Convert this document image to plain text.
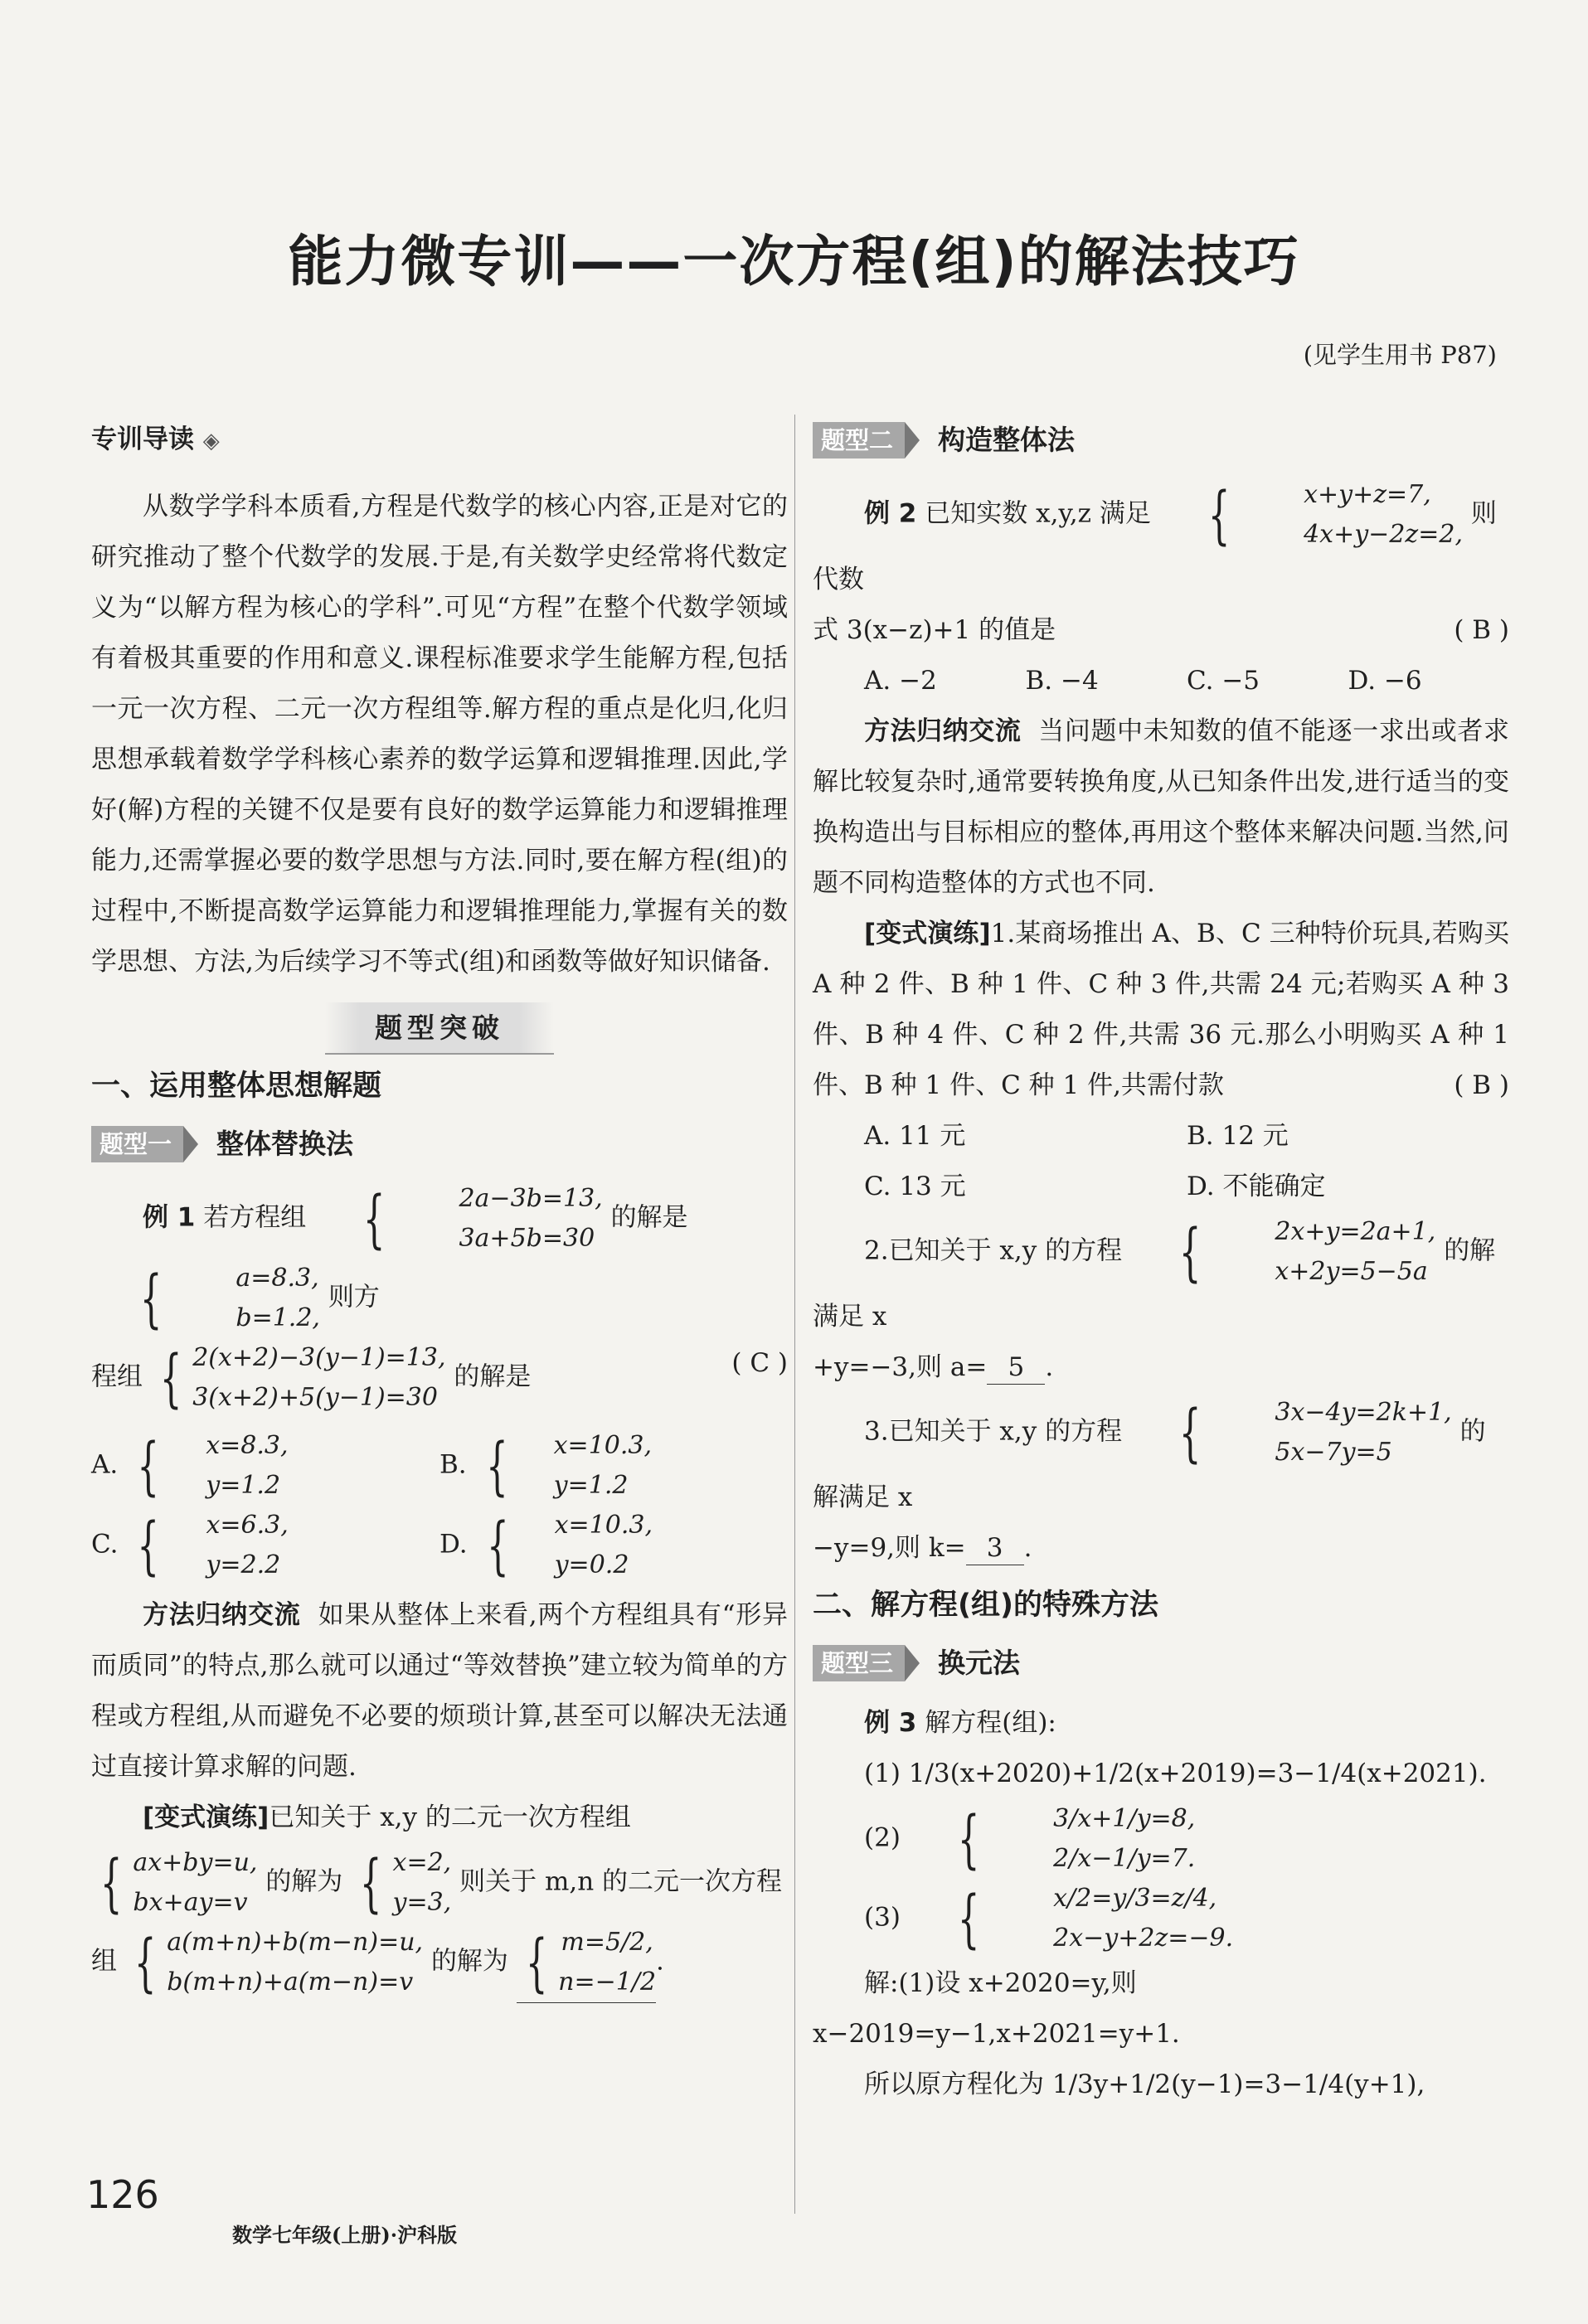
能力微专训——一次方程(组)的解法技巧
(见学生用书 P87)
专训导读 ◈

从数学学科本质看,方程是代数学的核心内容,正是对它的研究推动了整个代数学的发展.于是,有关数学史经常将代数定义为“以解方程为核心的学科”.可见“方程”在整个代数学领域有着极其重要的作用和意义.课程标准要求学生能解方程,包括一元一次方程、二元一次方程组等.解方程的重点是化归,化归思想承载着数学学科核心素养的数学运算和逻辑推理.因此,学好(解)方程的关键不仅是要有良好的数学运算能力和逻辑推理能力,还需掌握必要的数学思想与方法.同时,要在解方程(组)的过程中,不断提高数学运算能力和逻辑推理能力,掌握有关的数学思想、方法,为后续学习不等式(组)和函数等做好知识储备.

题型突破
一、运用整体思想解题
题型一	整体替换法

例 1 若方程组 {	2a−3b=13,
3a+5b=30
的解是
{	a=8.3,
b=1.2,
则方

程组 { 2(x+2)−3(y−1)=13,
3(x+2)+5(y−1)=30
的解是	( C )

A. {	x=8.3,
y=1.2
B. {	x=10.3,
y=1.2
C. {	x=6.3,
y=2.2
D. {	x=10.3,
y=0.2

方法归纳交流 如果从整体上来看,两个方程组具有“形异而质同”的特点,那么就可以通过“等效替换”建立较为简单的方程或方程组,从而避免不必要的烦琐计算,甚至可以解决无法通过直接计算求解的问题.

[变式演练]已知关于 x,y 的二元一次方程组

{ ax+by=u,
bx+ay=v
的解为 { x=2,
y=3,
则关于 m,n 的二元一次方程

组 { a(m+n)+b(m−n)=u,
b(m+n)+a(m−n)=v
的解为 { m=5/2,
n=−1/2
.

题型二	构造整体法

例 2 已知实数 x,y,z 满足 {	x+y+z=7,
4x+y−2z=2,
则代数

式 3(x−z)+1 的值是	( B )

A. −2	B. −4	C. −5	D. −6

方法归纳交流 当问题中未知数的值不能逐一求出或者求解比较复杂时,通常要转换角度,从已知条件出发,进行适当的变换构造出与目标相应的整体,再用这个整体来解决问题.当然,问题不同构造整体的方式也不同.

[变式演练]1.某商场推出 A、B、C 三种特价玩具,若购买 A 种 2 件、B 种 1 件、C 种 3 件,共需 24 元;若购买 A 种 3 件、B 种 4 件、C 种 2 件,共需 36 元.那么小明购买 A 种 1 件、B 种 1 件、C 种 1 件,共需付款	( B )

A. 11 元	B. 12 元
C. 13 元	D. 不能确定

2.已知关于 x,y 的方程 {	2x+y=2a+1,
x+2y=5−5a
的解满足 x

+y=−3,则 a= 5 .

3.已知关于 x,y 的方程 {	3x−4y=2k+1,
5x−7y=5
的解满足 x

−y=9,则 k= 3 .

二、解方程(组)的特殊方法
题型三	换元法

例 3 解方程(组):

(1) 1/3(x+2020)+1/2(x+2019)=3−1/4(x+2021).

(2) {	3/x+1/y=8,
2/x−1/y=7.

(3) {	x/2=y/3=z/4,
2x−y+2z=−9.

解:(1)设 x+2020=y,则 x−2019=y−1,x+2021=y+1.

所以原方程化为 1/3y+1/2(y−1)=3−1/4(y+1),

126
数学七年级(上册)·沪科版
